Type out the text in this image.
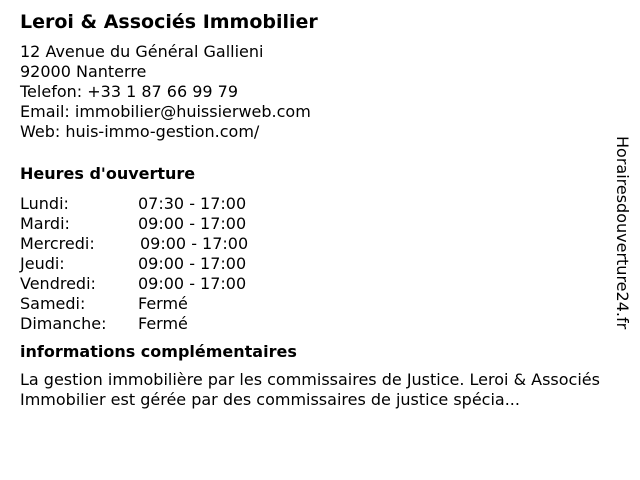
Leroi & Associés Immobilier
12 Avenue du Général Gallieni
92000 Nanterre
Telefon: +33 1 87 66 99 79
Email: immobilier@huissierweb.com
Web: huis-immo-gestion.com/
Heures d'ouverture
Lundi:	07:30 - 17:00
Mardi:	09:00 - 17:00
Mercredi:	09:00 - 17:00
Jeudi:	09:00 - 17:00
Vendredi:	09:00 - 17:00
Samedi:	Fermé
Dimanche:	Fermé
informations complémentaires

La gestion immobilière par les commissaires de Justice. Leroi & Associés Immobilier est gérée par des commissaires de justice spécia...

Horairesdouverture24.fr
